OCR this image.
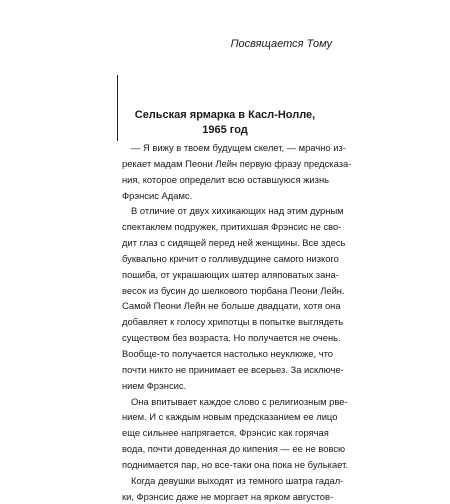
Посвящается Тому
Сельская ярмарка в Касл-Нолле,
1965 год
— Я вижу в твоем будущем скелет, — мрачно из-
рекает мадам Пеони Лейн первую фразу предсказа-
ния, которое определит всю оставшуюся жизнь
Фрэнсис Адамс.
В отличие от двух хихикающих над этим дурным
спектаклем подружек, притихшая Фрэнсис не сво-
дит глаз с сидящей перед ней женщины. Все здесь
буквально кричит о голливудщине самого низкого
пошиба, от украшающих шатер аляповатых зана-
весок из бусин до шелкового тюрбана Пеони Лейн.
Самой Пеони Лейн не больше двадцати, хотя она
добавляет к голосу хрипотцы в попытке выглядеть
существом без возраста. Но получается не очень.
Вообще-то получается настолько неуклюже, что
почти никто не принимает ее всерьез. За исключе-
нием Фрэнсис.
Она впитывает каждое слово с религиозным рве-
нием. И с каждым новым предсказанием ее лицо
еще сильнее напрягается. Фрэнсис как горячая
вода, почти доведенная до кипения — ее не вовсю
поднимается пар, но все-таки она пока не булькает.
Когда девушки выходят из темного шатра гадал-
ки, Фрэнсис даже не моргает на ярком августов-
